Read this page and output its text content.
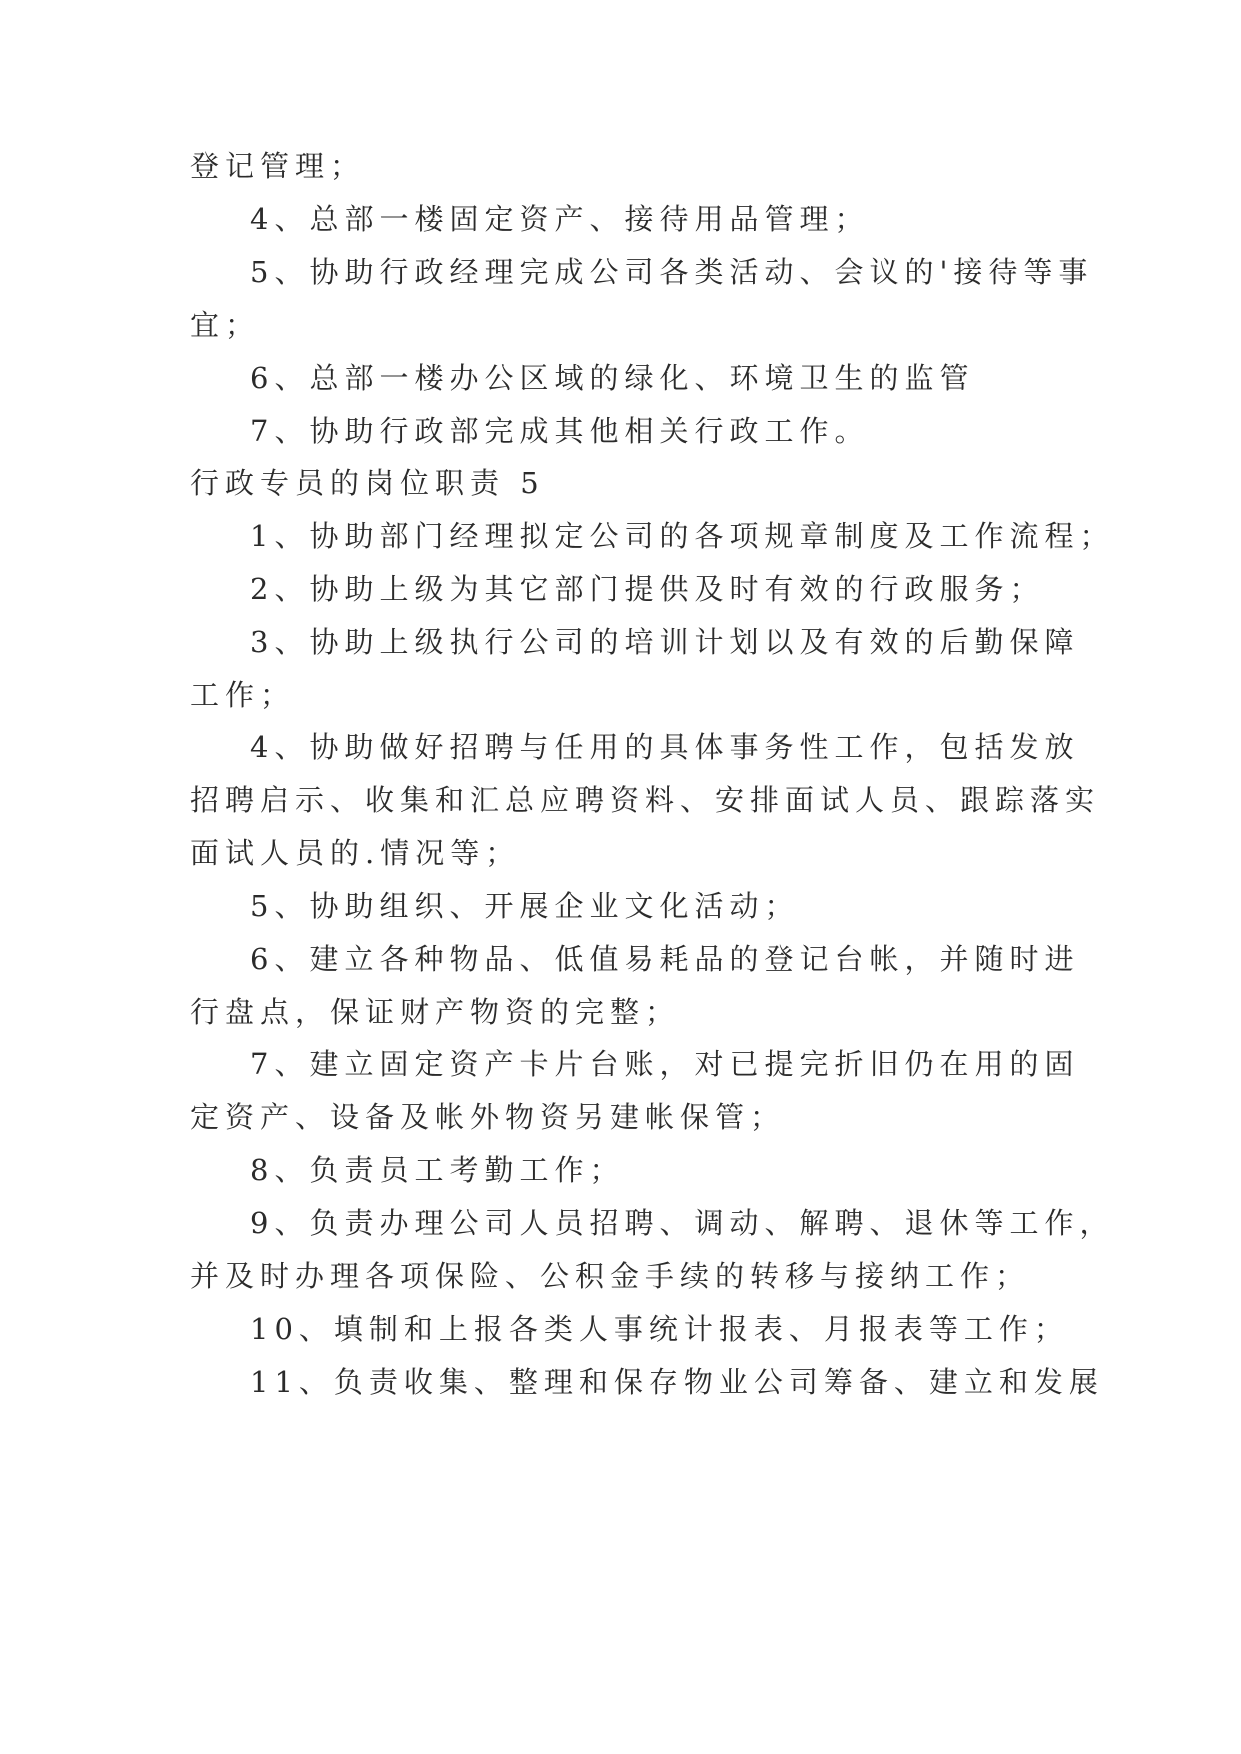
登记管理；
4、总部一楼固定资产、接待用品管理；
5、协助行政经理完成公司各类活动、会议的'接待等事
宜；
6、总部一楼办公区域的绿化、环境卫生的监管
7、协助行政部完成其他相关行政工作。
行政专员的岗位职责 5
1、协助部门经理拟定公司的各项规章制度及工作流程；
2、协助上级为其它部门提供及时有效的行政服务；
3、协助上级执行公司的培训计划以及有效的后勤保障
工作；
4、协助做好招聘与任用的具体事务性工作，包括发放
招聘启示、收集和汇总应聘资料、安排面试人员、跟踪落实
面试人员的.情况等；
5、协助组织、开展企业文化活动；
6、建立各种物品、低值易耗品的登记台帐，并随时进
行盘点，保证财产物资的完整；
7、建立固定资产卡片台账，对已提完折旧仍在用的固
定资产、设备及帐外物资另建帐保管；
8、负责员工考勤工作；
9、负责办理公司人员招聘、调动、解聘、退休等工作，
并及时办理各项保险、公积金手续的转移与接纳工作；
10、填制和上报各类人事统计报表、月报表等工作；
11、负责收集、整理和保存物业公司筹备、建立和发展
